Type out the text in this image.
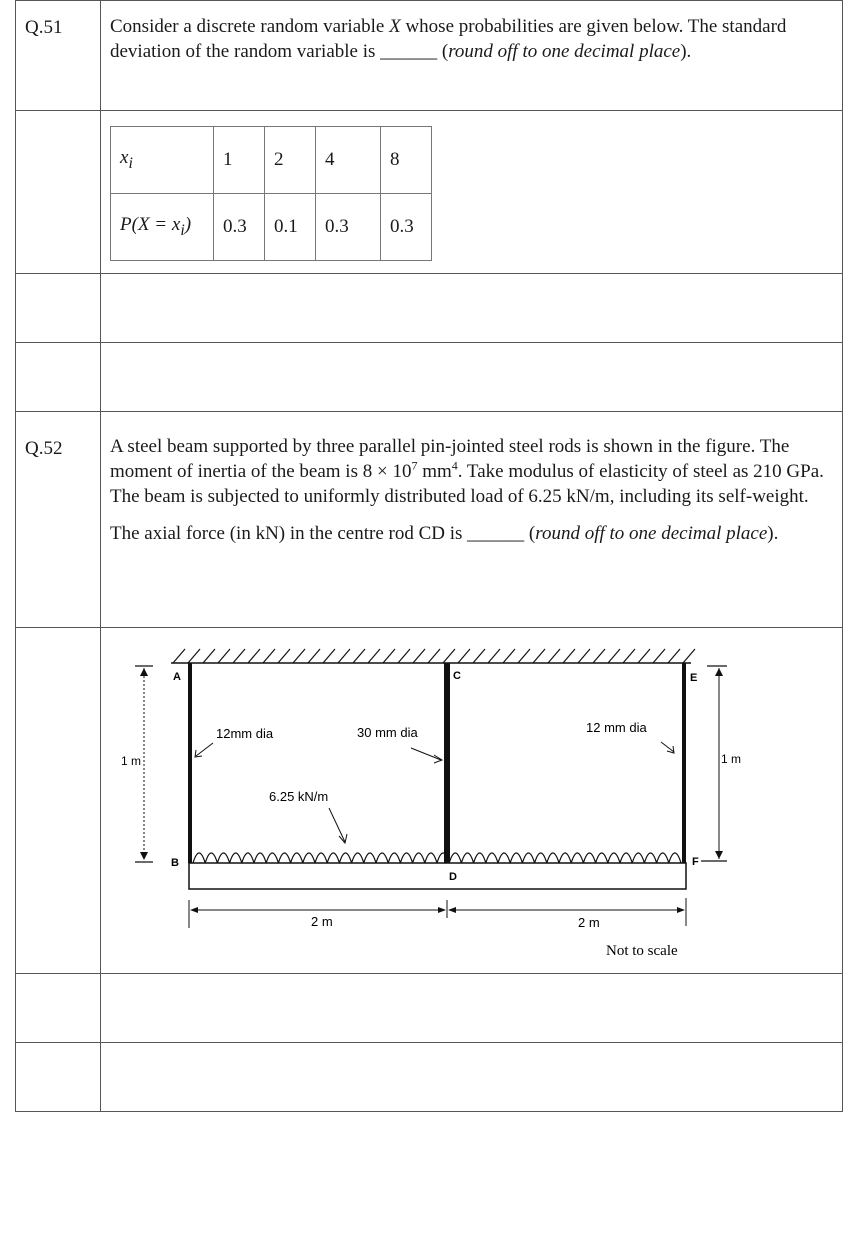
Q.51	Consider a discrete random variable X whose probabilities are given below. The standard deviation of the random variable is ______ (round off to one decimal place).

$x_i$	1	2	4	8
$P(X = x_i)$	0.3	0.1	0.3	0.3

Q.52	A steel beam supported by three parallel pin-jointed steel rods is shown in the figure. The moment of inertia of the beam is $8 \times 10^7$ $mm^4$. Take modulus of elasticity of steel as 210 GPa. The beam is subjected to uniformly distributed load of 6.25 kN/m, including its self-weight.

The axial force (in kN) in the centre rod CD is ______ (round off to one decimal place).

A
B
C
D
E
F
12mm dia	30 mm dia	12 mm dia
6.25 kN/m
1 m	1 m
2 m	2 m
Not to scale
